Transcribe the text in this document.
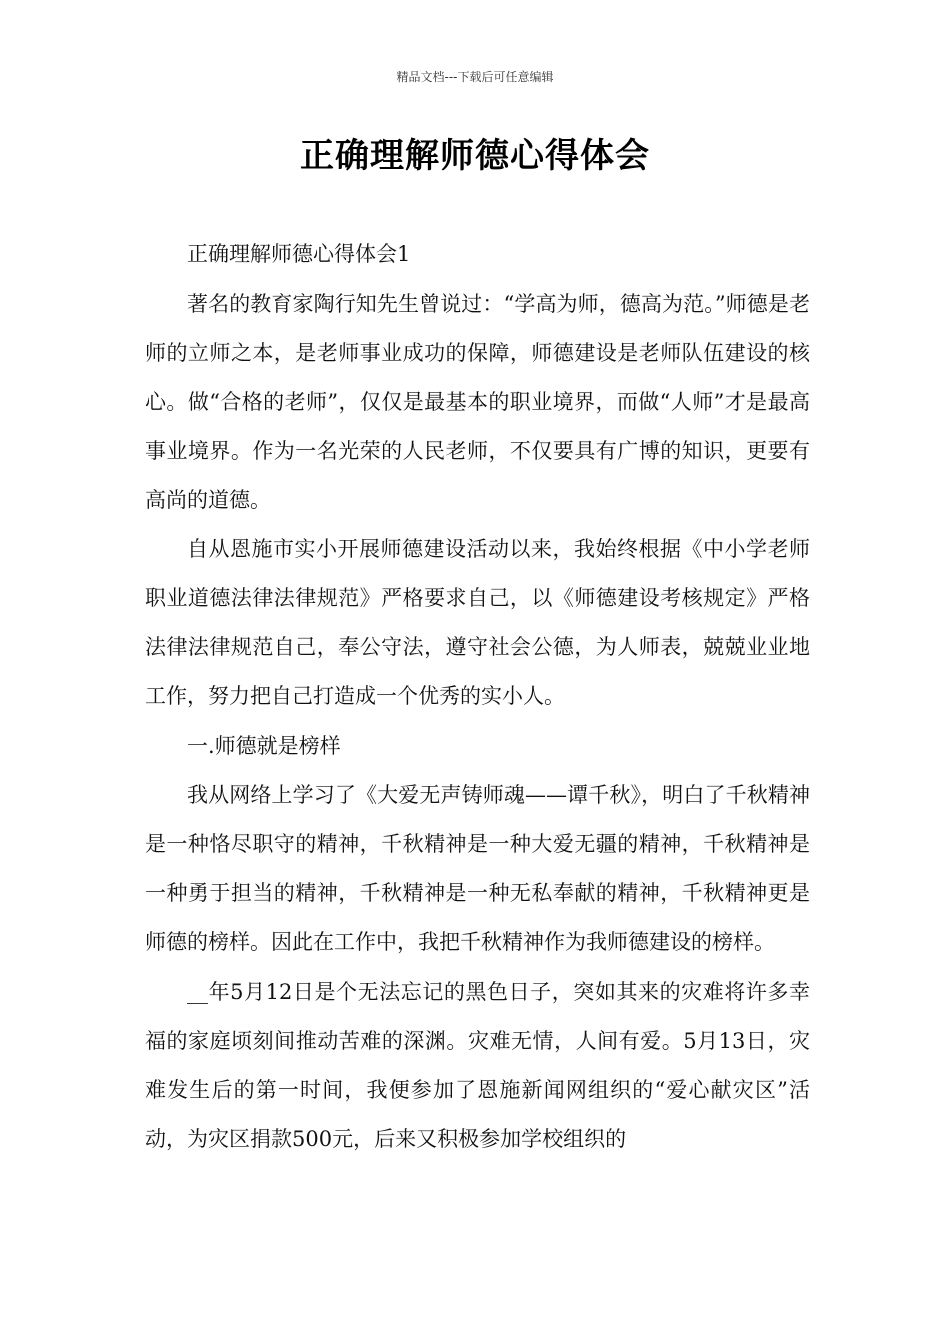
精品文档---下载后可任意编辑
正确理解师德心得体会

正确理解师德心得体会1

著名的教育家陶行知先生曾说过：“学高为师，德高为范。”师德是老师的立师之本，是老师事业成功的保障，师德建设是老师队伍建设的核心。做“合格的老师”，仅仅是最基本的职业境界，而做“人师”才是最高事业境界。作为一名光荣的人民老师，不仅要具有广博的知识，更要有高尚的道德。

自从恩施市实小开展师德建设活动以来，我始终根据《中小学老师职业道德法律法律规范》严格要求自己，以《师德建设考核规定》严格法律法律规范自己，奉公守法，遵守社会公德，为人师表，兢兢业业地工作，努力把自己打造成一个优秀的实小人。

一.师德就是榜样

我从网络上学习了《大爱无声铸师魂——谭千秋》，明白了千秋精神是一种恪尽职守的精神，千秋精神是一种大爱无疆的精神，千秋精神是一种勇于担当的精神，千秋精神是一种无私奉献的精神，千秋精神更是师德的榜样。因此在工作中，我把千秋精神作为我师德建设的榜样。

__年5月12日是个无法忘记的黑色日子，突如其来的灾难将许多幸福的家庭顷刻间推动苦难的深渊。灾难无情，人间有爱。5月13日，灾难发生后的第一时间，我便参加了恩施新闻网组织的“爱心献灾区”活动，为灾区捐款500元，后来又积极参加学校组织的
